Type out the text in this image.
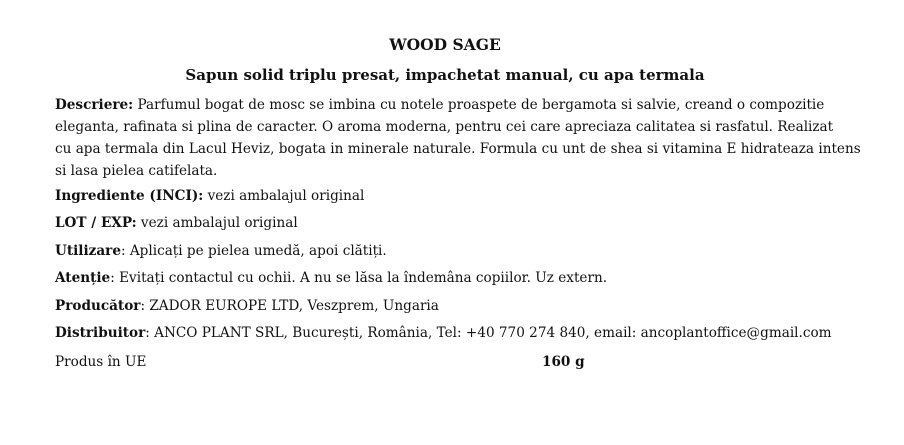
WOOD SAGE
Sapun solid triplu presat, impachetat manual, cu apa termala
Descriere: Parfumul bogat de mosc se imbina cu notele proaspete de bergamota si salvie, creand o compozitie
eleganta, rafinata si plina de caracter. O aroma moderna, pentru cei care apreciaza calitatea si rasfatul. Realizat
cu apa termala din Lacul Heviz, bogata in minerale naturale. Formula cu unt de shea si vitamina E hidrateaza intens
si lasa pielea catifelata.
Ingrediente (INCI): vezi ambalajul original
LOT / EXP: vezi ambalajul original
Utilizare: Aplicați pe pielea umedă, apoi clătiți.
Atenție: Evitați contactul cu ochii. A nu se lăsa la îndemâna copiilor. Uz extern.
Producător: ZADOR EUROPE LTD, Veszprem, Ungaria
Distribuitor: ANCO PLANT SRL, București, România, Tel: +40 770 274 840, email: ancoplantoffice@gmail.com
Produs în UE	160 g
